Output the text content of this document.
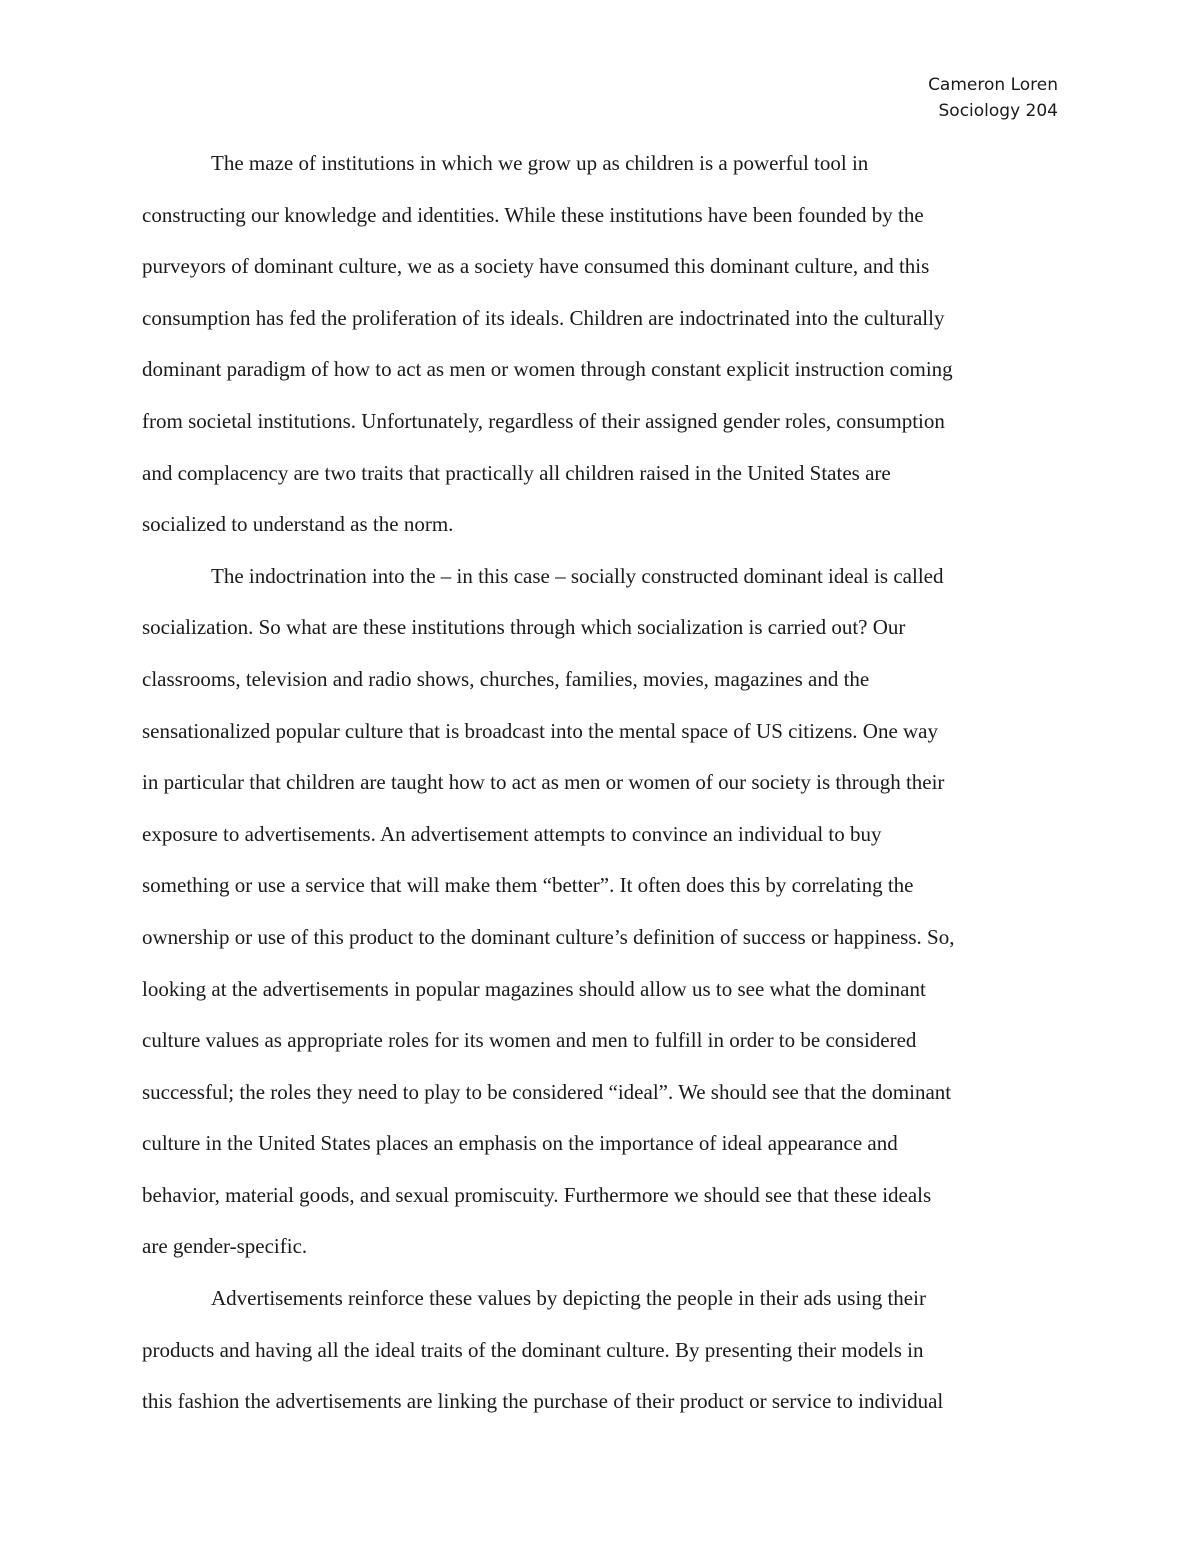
Cameron Loren
Sociology 204

The maze of institutions in which we grow up as children is a powerful tool in
constructing our knowledge and identities. While these institutions have been founded by the
purveyors of dominant culture, we as a society have consumed this dominant culture, and this
consumption has fed the proliferation of its ideals. Children are indoctrinated into the culturally
dominant paradigm of how to act as men or women through constant explicit instruction coming
from societal institutions. Unfortunately, regardless of their assigned gender roles, consumption
and complacency are two traits that practically all children raised in the United States are
socialized to understand as the norm.

The indoctrination into the – in this case – socially constructed dominant ideal is called
socialization. So what are these institutions through which socialization is carried out? Our
classrooms, television and radio shows, churches, families, movies, magazines and the
sensationalized popular culture that is broadcast into the mental space of US citizens. One way
in particular that children are taught how to act as men or women of our society is through their
exposure to advertisements. An advertisement attempts to convince an individual to buy
something or use a service that will make them “better”. It often does this by correlating the
ownership or use of this product to the dominant culture’s definition of success or happiness. So,
looking at the advertisements in popular magazines should allow us to see what the dominant
culture values as appropriate roles for its women and men to fulfill in order to be considered
successful; the roles they need to play to be considered “ideal”. We should see that the dominant
culture in the United States places an emphasis on the importance of ideal appearance and
behavior, material goods, and sexual promiscuity. Furthermore we should see that these ideals
are gender-specific.

Advertisements reinforce these values by depicting the people in their ads using their
products and having all the ideal traits of the dominant culture. By presenting their models in
this fashion the advertisements are linking the purchase of their product or service to individual
